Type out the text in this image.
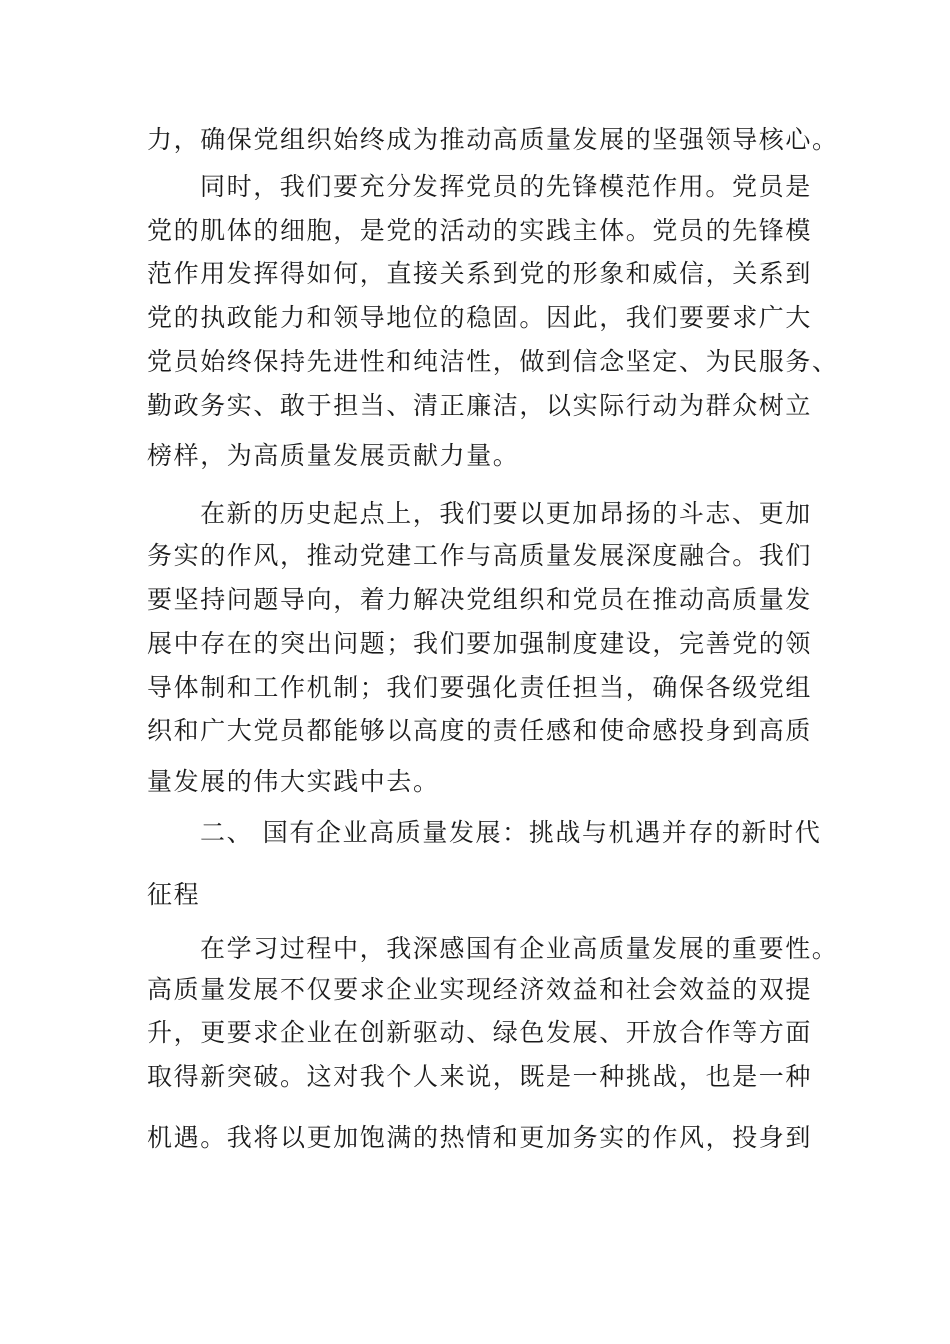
力，确保党组织始终成为推动高质量发展的坚强领导核心。
同时，我们要充分发挥党员的先锋模范作用。党员是
党的肌体的细胞，是党的活动的实践主体。党员的先锋模
范作用发挥得如何，直接关系到党的形象和威信，关系到
党的执政能力和领导地位的稳固。因此，我们要要求广大
党员始终保持先进性和纯洁性，做到信念坚定、为民服务、
勤政务实、敢于担当、清正廉洁，以实际行动为群众树立
榜样，为高质量发展贡献力量。
在新的历史起点上，我们要以更加昂扬的斗志、更加
务实的作风，推动党建工作与高质量发展深度融合。我们
要坚持问题导向，着力解决党组织和党员在推动高质量发
展中存在的突出问题；我们要加强制度建设，完善党的领
导体制和工作机制；我们要强化责任担当，确保各级党组
织和广大党员都能够以高度的责任感和使命感投身到高质
量发展的伟大实践中去。
二、 国有企业高质量发展：挑战与机遇并存的新时代
征程
在学习过程中，我深感国有企业高质量发展的重要性。
高质量发展不仅要求企业实现经济效益和社会效益的双提
升，更要求企业在创新驱动、绿色发展、开放合作等方面
取得新突破。这对我个人来说，既是一种挑战，也是一种
机遇。我将以更加饱满的热情和更加务实的作风，投身到
